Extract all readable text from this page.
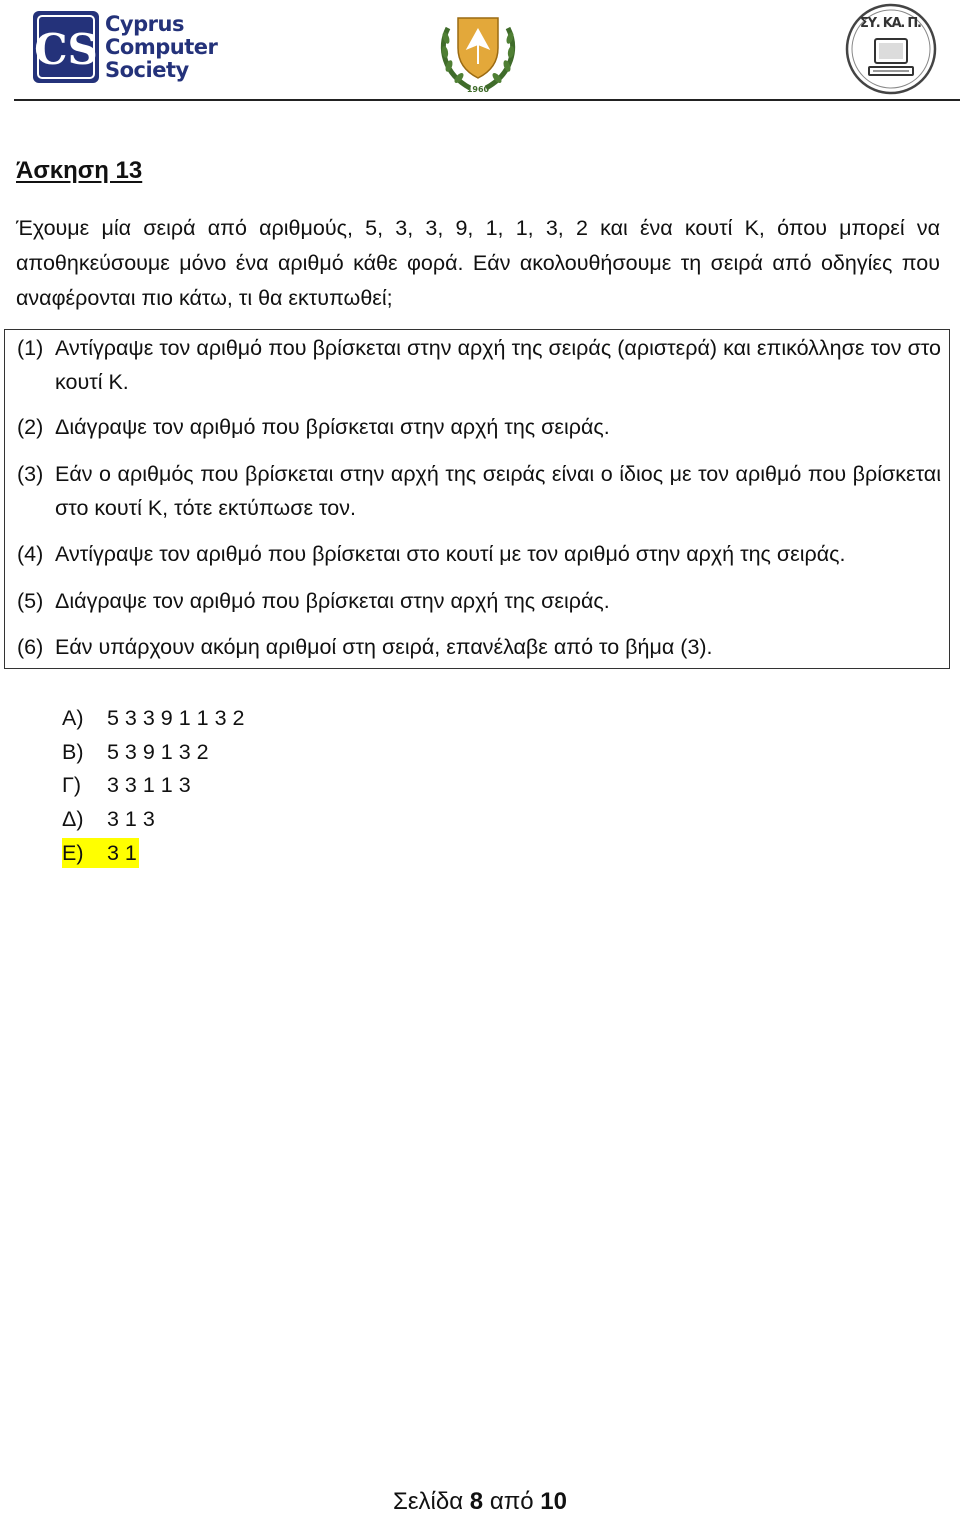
CS
Cyprus
Computer
Society
1960
ΣΥ. ΚΑ. Π.
Άσκηση 13

Έχουμε μία σειρά από αριθμούς, 5, 3, 3, 9, 1, 1, 3, 2 και ένα κουτί Κ, όπου μπορεί να αποθηκεύσουμε μόνο ένα αριθμό κάθε φορά. Εάν ακολουθήσουμε τη σειρά από οδηγίες που αναφέρονται πιο κάτω, τι θα εκτυπωθεί;

(1) Αντίγραψε τον αριθμό που βρίσκεται στην αρχή της σειράς (αριστερά) και επικόλλησε τον στο κουτί Κ.
(2) Διάγραψε τον αριθμό που βρίσκεται στην αρχή της σειράς.
(3) Εάν ο αριθμός που βρίσκεται στην αρχή της σειράς είναι ο ίδιος με τον αριθμό που βρίσκεται στο κουτί Κ, τότε εκτύπωσε τον.
(4) Αντίγραψε τον αριθμό που βρίσκεται στο κουτί με τον αριθμό στην αρχή της σειράς.
(5) Διάγραψε τον αριθμό που βρίσκεται στην αρχή της σειράς.
(6) Εάν υπάρχουν ακόμη αριθμοί στη σειρά, επανέλαβε από το βήμα (3).
Α) 5 3 3 9 1 1 3 2
Β) 5 3 9 1 3 2
Γ) 3 3 1 1 3
Δ) 3 1 3
Ε) 3 1
Σελίδα 8 από 10
